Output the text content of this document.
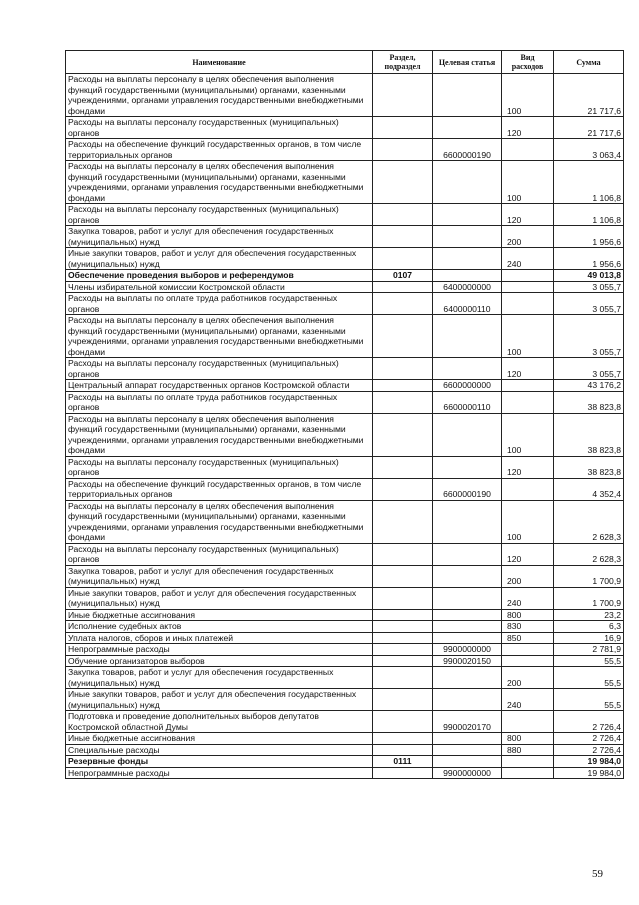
Наименование	Раздел, подраздел	Целевая статья	Вид расходов	Сумма
Расходы на выплаты персоналу в целях обеспечения выполнения функций государственными (муниципальными) органами, казенными учреждениями, органами управления государственными внебюджетными фондами			100	21 717,6
Расходы на выплаты персоналу государственных (муниципальных) органов			120	21 717,6
Расходы на обеспечение функций государственных органов, в том числе территориальных органов		6600000190		3 063,4
Расходы на выплаты персоналу в целях обеспечения выполнения функций государственными (муниципальными) органами, казенными учреждениями, органами управления государственными внебюджетными фондами			100	1 106,8
Расходы на выплаты персоналу государственных (муниципальных) органов			120	1 106,8
Закупка товаров, работ и услуг для обеспечения государственных (муниципальных) нужд			200	1 956,6
Иные закупки товаров, работ и услуг для обеспечения государственных (муниципальных) нужд			240	1 956,6
Обеспечение проведения выборов и референдумов	0107			49 013,8
Члены избирательной комиссии Костромской области		6400000000		3 055,7
Расходы на выплаты по оплате труда работников государственных органов		6400000110		3 055,7
Расходы на выплаты персоналу в целях обеспечения выполнения функций государственными (муниципальными) органами, казенными учреждениями, органами управления государственными внебюджетными фондами			100	3 055,7
Расходы на выплаты персоналу государственных (муниципальных) органов			120	3 055,7
Центральный аппарат государственных органов Костромской области		6600000000		43 176,2
Расходы на выплаты по оплате труда работников государственных органов		6600000110		38 823,8
Расходы на выплаты персоналу в целях обеспечения выполнения функций государственными (муниципальными) органами, казенными учреждениями, органами управления государственными внебюджетными фондами			100	38 823,8
Расходы на выплаты персоналу государственных (муниципальных) органов			120	38 823,8
Расходы на обеспечение функций государственных органов, в том числе территориальных органов		6600000190		4 352,4
Расходы на выплаты персоналу в целях обеспечения выполнения функций государственными (муниципальными) органами, казенными учреждениями, органами управления государственными внебюджетными фондами			100	2 628,3
Расходы на выплаты персоналу государственных (муниципальных) органов			120	2 628,3
Закупка товаров, работ и услуг для обеспечения государственных (муниципальных) нужд			200	1 700,9
Иные закупки товаров, работ и услуг для обеспечения государственных (муниципальных) нужд			240	1 700,9
Иные бюджетные ассигнования			800	23,2
Исполнение судебных актов			830	6,3
Уплата налогов, сборов и иных платежей			850	16,9
Непрограммные расходы		9900000000		2 781,9
Обучение организаторов выборов		9900020150		55,5
Закупка товаров, работ и услуг для обеспечения государственных (муниципальных) нужд			200	55,5
Иные закупки товаров, работ и услуг для обеспечения государственных (муниципальных) нужд			240	55,5
Подготовка и проведение дополнительных выборов депутатов Костромской областной Думы		9900020170		2 726,4
Иные бюджетные ассигнования			800	2 726,4
Специальные расходы			880	2 726,4
Резервные фонды	0111			19 984,0
Непрограммные расходы		9900000000		19 984,0
59
